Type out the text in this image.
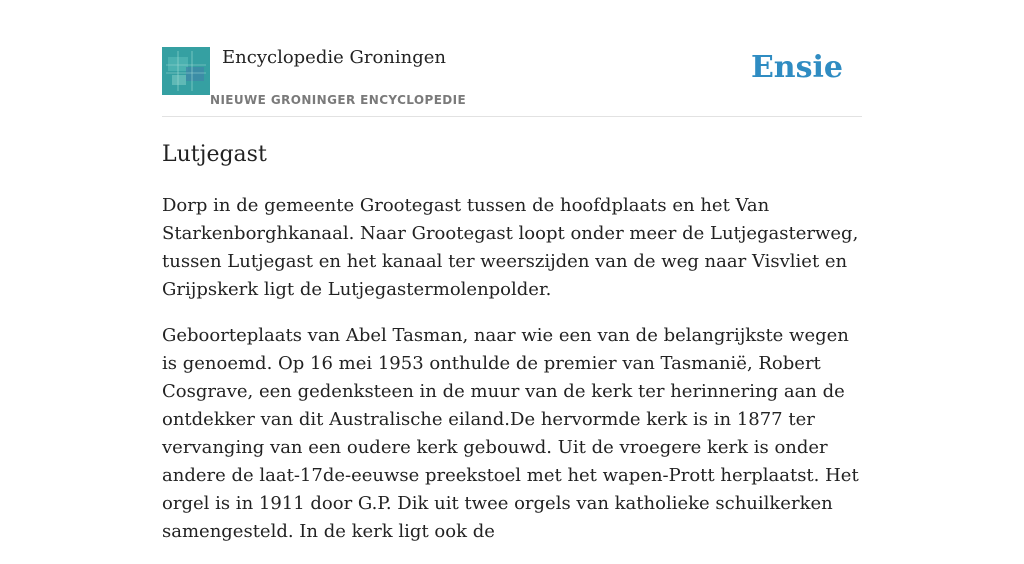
Encyclopedie Groningen
NIEUWE GRONINGER ENCYCLOPEDIE
Ensie
Lutjegast

Dorp in de gemeente Grootegast tussen de hoofdplaats en het Van Starkenborghkanaal. Naar Grootegast loopt onder meer de Lutjegasterweg, tussen Lutjegast en het kanaal ter weerszijden van de weg naar Visvliet en Grijpskerk ligt de Lutjegastermolenpolder.

Geboorteplaats van Abel Tasman, naar wie een van de belangrijkste wegen is genoemd. Op 16 mei 1953 onthulde de premier van Tasmanië, Robert Cosgrave, een gedenksteen in de muur van de kerk ter herinnering aan de ontdekker van dit Australische eiland.De hervormde kerk is in 1877 ter vervanging van een oudere kerk gebouwd. Uit de vroegere kerk is onder andere de laat-17de-eeuwse preekstoel met het wapen-Prott herplaatst. Het orgel is in 1911 door G.P. Dik uit twee orgels van katholieke schuilkerken samengesteld. In de kerk ligt ook de
